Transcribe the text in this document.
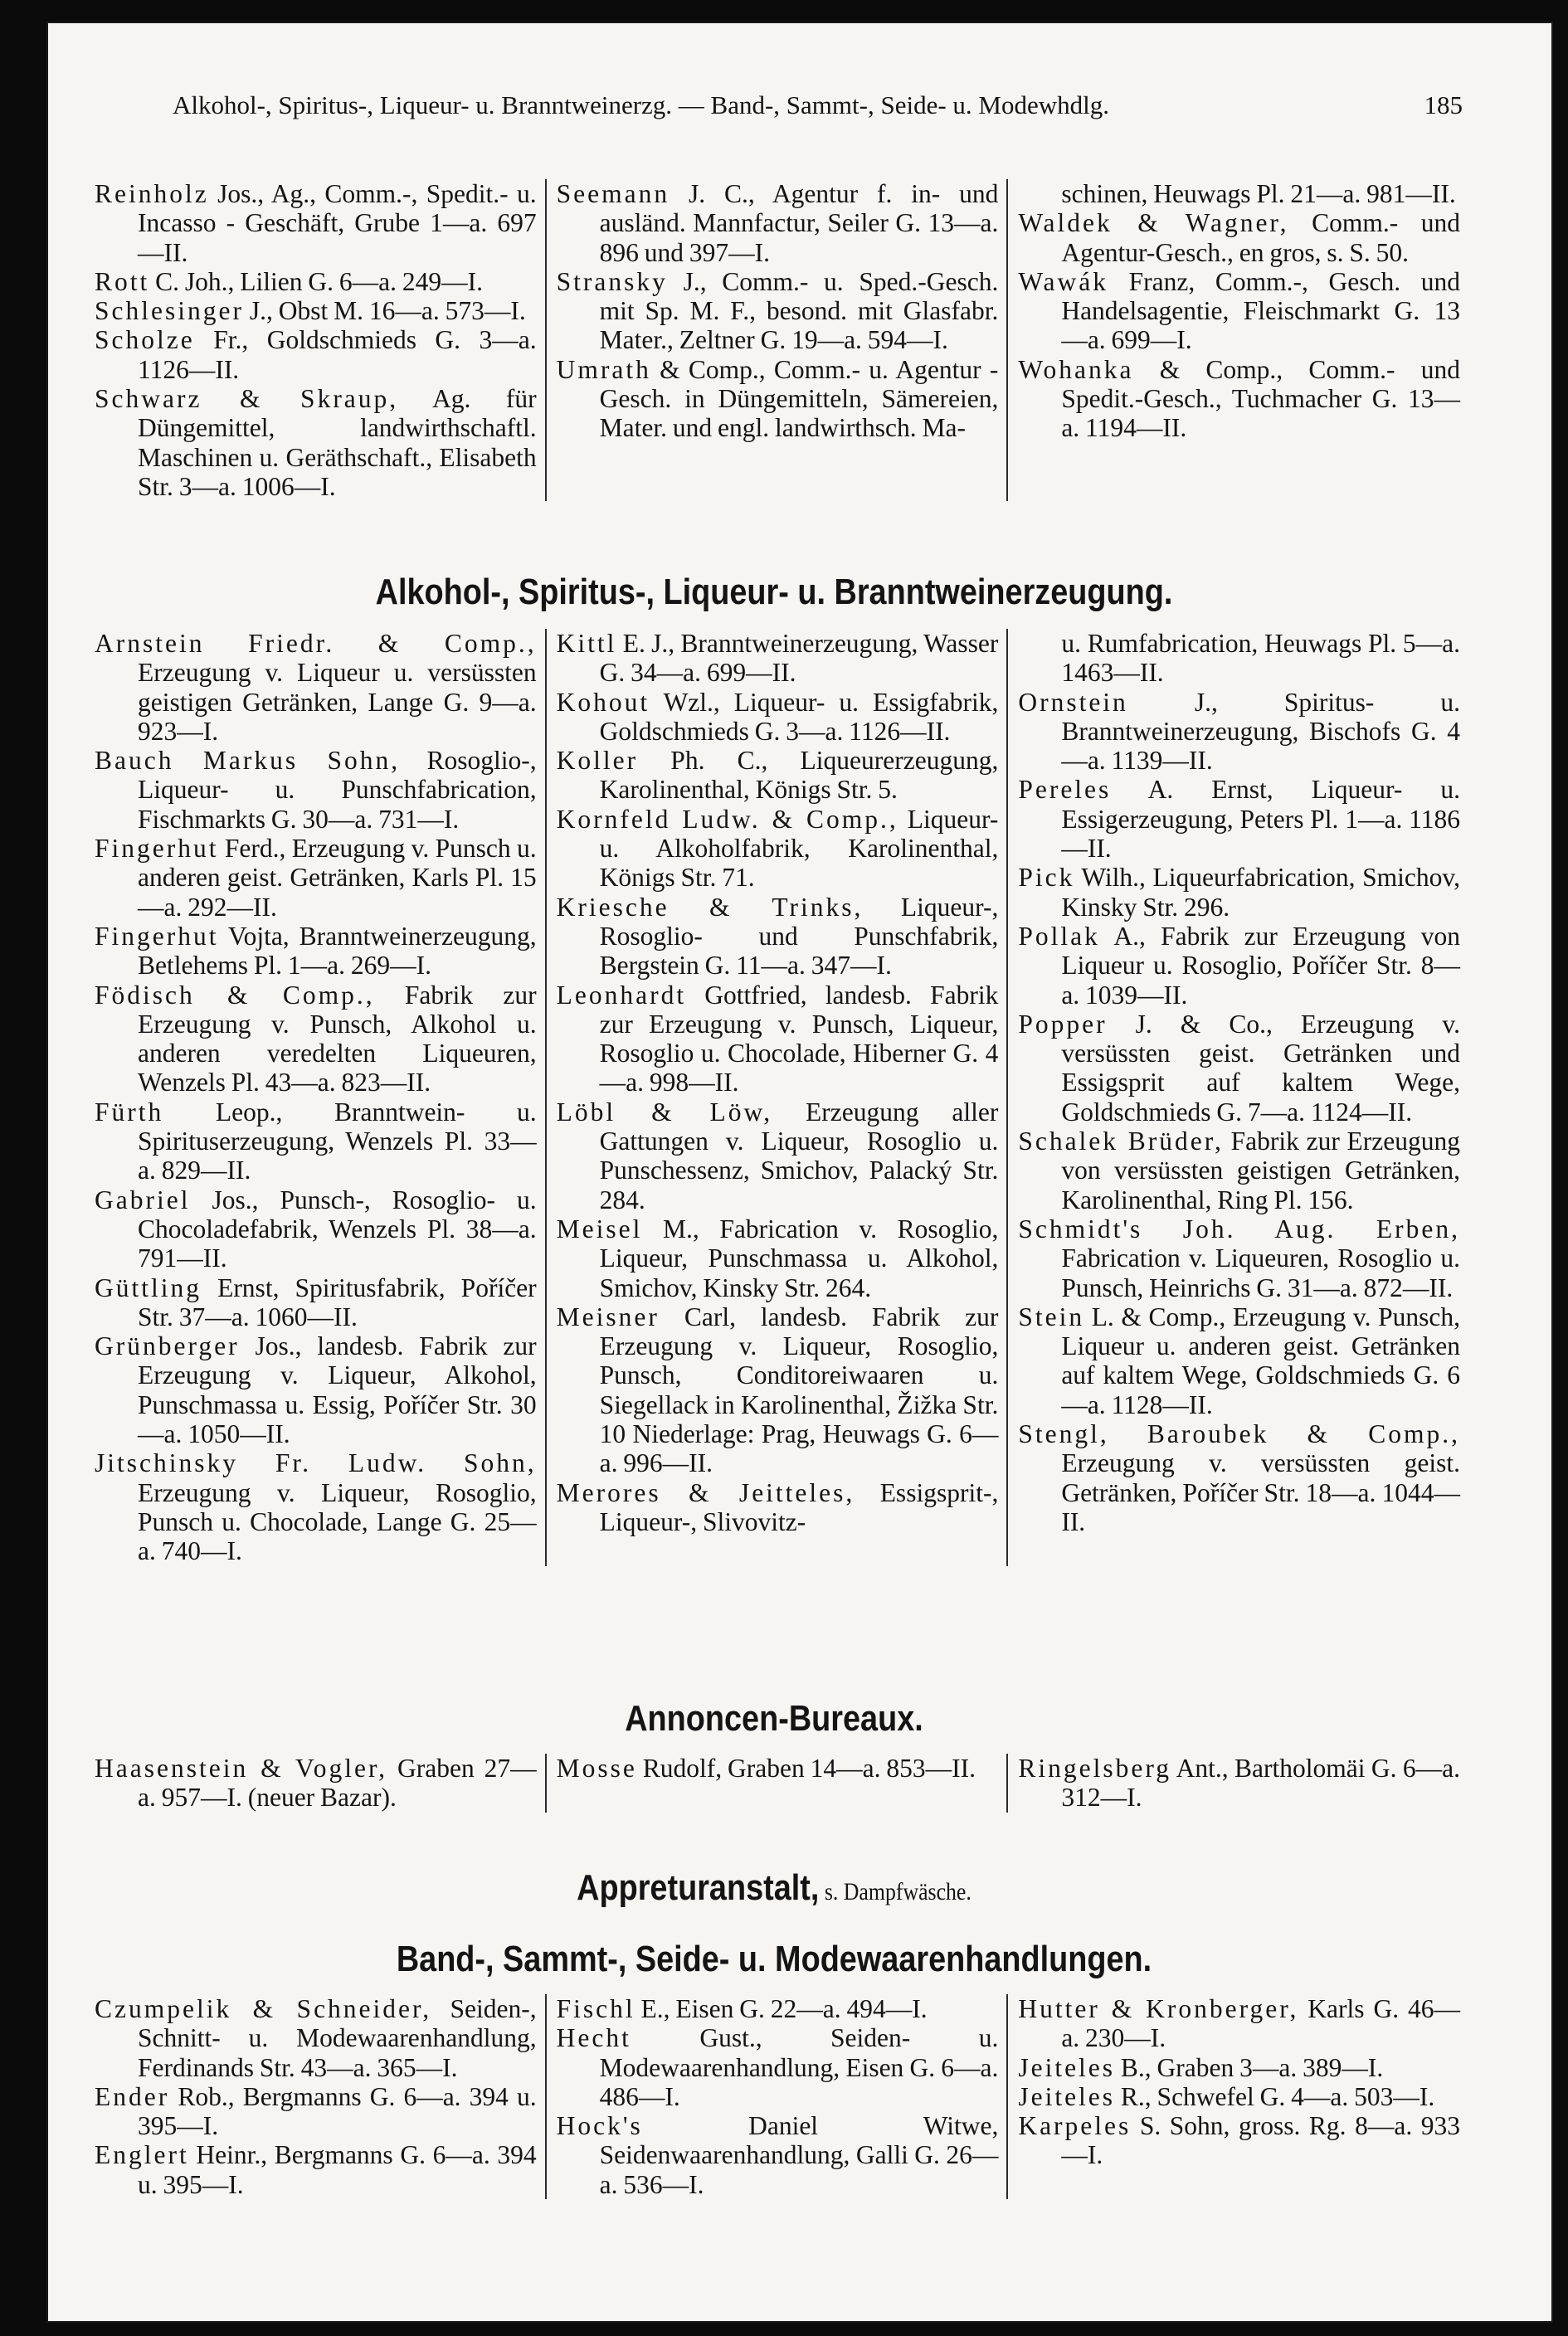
Alkohol-, Spiritus-, Liqueur- u. Branntweinerzg. — Band-, Sammt-, Seide- u. Modewhdlg.	185

Reinholz Jos., Ag., Comm.-, Spedit.- u. Incasso - Geschäft, Grube 1—a. 697—II.

Rott C. Joh., Lilien G. 6—a. 249—I.

Schlesinger J., Obst M. 16—a. 573—I.

Scholze Fr., Goldschmieds G. 3—a. 1126—II.

Schwarz & Skraup, Ag. für Düngemittel, landwirthschaftl. Maschinen u. Geräthschaft., Elisabeth Str. 3—a. 1006—I.

Seemann J. C., Agentur f. in- und ausländ. Mannfactur, Seiler G. 13—a. 896 und 397—I.

Stransky J., Comm.- u. Sped.-Gesch. mit Sp. M. F., besond. mit Glasfabr. Mater., Zeltner G. 19—a. 594—I.

Umrath & Comp., Comm.- u. Agentur - Gesch. in Düngemitteln, Sämereien, Mater. und engl. landwirthsch. Ma-

schinen, Heuwags Pl. 21—a. 981—II.

Waldek & Wagner, Comm.- und Agentur-Gesch., en gros, s. S. 50.

Wawák Franz, Comm.-, Gesch. und Handelsagentie, Fleischmarkt G. 13—a. 699—I.

Wohanka & Comp., Comm.- und Spedit.-Gesch., Tuchmacher G. 13—a. 1194—II.

Alkohol-, Spiritus-, Liqueur- u. Branntweinerzeugung.

Arnstein Friedr. & Comp., Erzeugung v. Liqueur u. versüssten geistigen Getränken, Lange G. 9—a. 923—I.

Bauch Markus Sohn, Rosoglio-, Liqueur- u. Punschfabrication, Fischmarkts G. 30—a. 731—I.

Fingerhut Ferd., Erzeugung v. Punsch u. anderen geist. Getränken, Karls Pl. 15—a. 292—II.

Fingerhut Vojta, Branntweinerzeugung, Betlehems Pl. 1—a. 269—I.

Födisch & Comp., Fabrik zur Erzeugung v. Punsch, Alkohol u. anderen veredelten Liqueuren, Wenzels Pl. 43—a. 823—II.

Fürth Leop., Branntwein- u. Spirituserzeugung, Wenzels Pl. 33—a. 829—II.

Gabriel Jos., Punsch-, Rosoglio- u. Chocoladefabrik, Wenzels Pl. 38—a. 791—II.

Güttling Ernst, Spiritusfabrik, Poříčer Str. 37—a. 1060—II.

Grünberger Jos., landesb. Fabrik zur Erzeugung v. Liqueur, Alkohol, Punschmassa u. Essig, Poříčer Str. 30—a. 1050—II.

Jitschinsky Fr. Ludw. Sohn, Erzeugung v. Liqueur, Rosoglio, Punsch u. Chocolade, Lange G. 25—a. 740—I.

Kittl E. J., Branntweinerzeugung, Wasser G. 34—a. 699—II.

Kohout Wzl., Liqueur- u. Essigfabrik, Goldschmieds G. 3—a. 1126—II.

Koller Ph. C., Liqueurerzeugung, Karolinenthal, Königs Str. 5.

Kornfeld Ludw. & Comp., Liqueur- u. Alkoholfabrik, Karolinenthal, Königs Str. 71.

Kriesche & Trinks, Liqueur-, Rosoglio- und Punschfabrik, Bergstein G. 11—a. 347—I.

Leonhardt Gottfried, landesb. Fabrik zur Erzeugung v. Punsch, Liqueur, Rosoglio u. Chocolade, Hiberner G. 4—a. 998—II.

Löbl & Löw, Erzeugung aller Gattungen v. Liqueur, Rosoglio u. Punschessenz, Smichov, Palacký Str. 284.

Meisel M., Fabrication v. Rosoglio, Liqueur, Punschmassa u. Alkohol, Smichov, Kinsky Str. 264.

Meisner Carl, landesb. Fabrik zur Erzeugung v. Liqueur, Rosoglio, Punsch, Conditoreiwaaren u. Siegellack in Karolinenthal, Žižka Str. 10 Niederlage: Prag, Heuwags G. 6—a. 996—II.

Merores & Jeitteles, Essigsprit-, Liqueur-, Slivovitz-

u. Rumfabrication, Heuwags Pl. 5—a. 1463—II.

Ornstein J., Spiritus- u. Branntweinerzeugung, Bischofs G. 4—a. 1139—II.

Pereles A. Ernst, Liqueur- u. Essigerzeugung, Peters Pl. 1—a. 1186—II.

Pick Wilh., Liqueurfabrication, Smichov, Kinsky Str. 296.

Pollak A., Fabrik zur Erzeugung von Liqueur u. Rosoglio, Poříčer Str. 8—a. 1039—II.

Popper J. & Co., Erzeugung v. versüssten geist. Getränken und Essigsprit auf kaltem Wege, Goldschmieds G. 7—a. 1124—II.

Schalek Brüder, Fabrik zur Erzeugung von versüssten geistigen Getränken, Karolinenthal, Ring Pl. 156.

Schmidt's Joh. Aug. Erben, Fabrication v. Liqueuren, Rosoglio u. Punsch, Heinrichs G. 31—a. 872—II.

Stein L. & Comp., Erzeugung v. Punsch, Liqueur u. anderen geist. Getränken auf kaltem Wege, Goldschmieds G. 6—a. 1128—II.

Stengl, Baroubek & Comp., Erzeugung v. versüssten geist. Getränken, Poříčer Str. 18—a. 1044—II.

Annoncen-Bureaux.

Haasenstein & Vogler, Graben 27—a. 957—I. (neuer Bazar).

Mosse Rudolf, Graben 14—a. 853—II.	Ringelsberg Ant., Bartholomäi G. 6—a. 312—I.

Appreturanstalt, s. Dampfwäsche.
Band-, Sammt-, Seide- u. Modewaarenhandlungen.

Czumpelik & Schneider, Seiden-, Schnitt- u. Modewaarenhandlung, Ferdinands Str. 43—a. 365—I.

Ender Rob., Bergmanns G. 6—a. 394 u. 395—I.

Englert Heinr., Bergmanns G. 6—a. 394 u. 395—I.

Fischl E., Eisen G. 22—a. 494—I.

Hecht Gust., Seiden- u. Modewaarenhandlung, Eisen G. 6—a. 486—I.

Hock's Daniel Witwe, Seidenwaarenhandlung, Galli G. 26—a. 536—I.

Hutter & Kronberger, Karls G. 46—a. 230—I.

Jeiteles B., Graben 3—a. 389—I.

Jeiteles R., Schwefel G. 4—a. 503—I.

Karpeles S. Sohn, gross. Rg. 8—a. 933—I.
